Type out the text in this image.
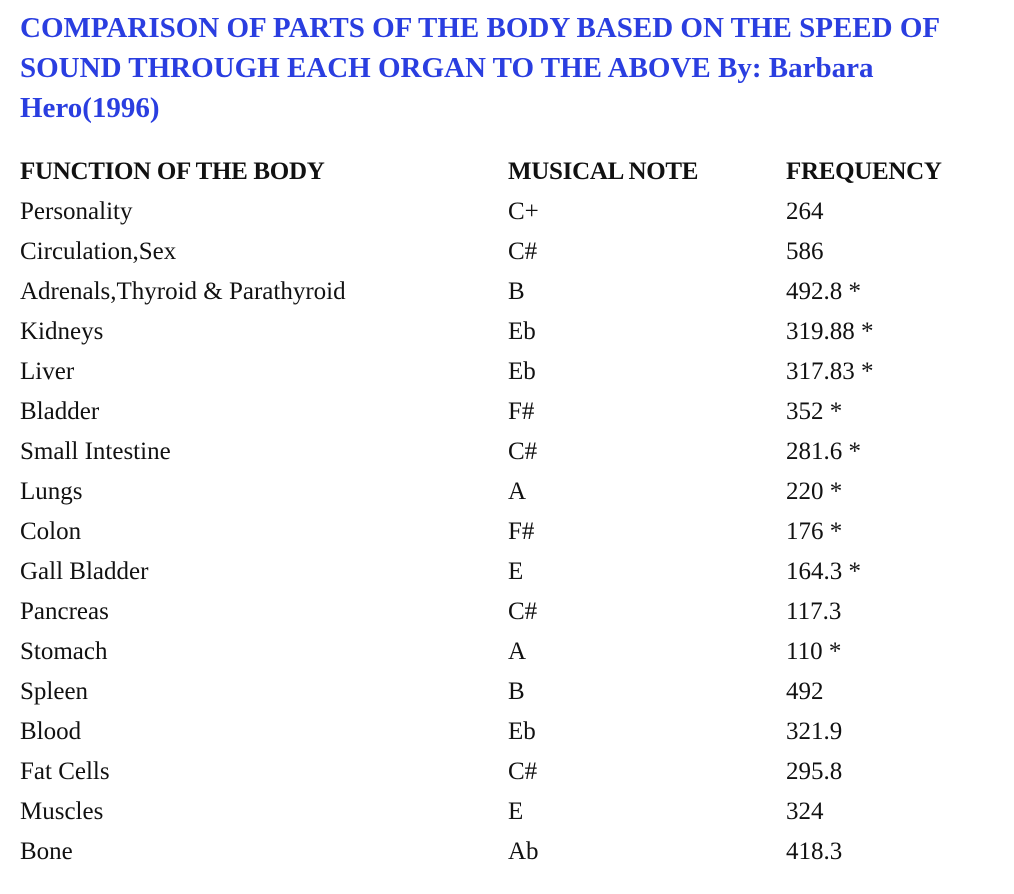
COMPARISON OF PARTS OF THE BODY BASED ON THE SPEED OF SOUND THROUGH EACH ORGAN TO THE ABOVE By: Barbara Hero(1996)
FUNCTION OF THE BODY	MUSICAL NOTE	FREQUENCY
Personality	C+	264
Circulation,Sex	C#	586
Adrenals,Thyroid & Parathyroid	B	492.8 *
Kidneys	Eb	319.88 *
Liver	Eb	317.83 *
Bladder	F#	352 *
Small Intestine	C#	281.6 *
Lungs	A	220 *
Colon	F#	176 *
Gall Bladder	E	164.3 *
Pancreas	C#	117.3
Stomach	A	110 *
Spleen	B	492
Blood	Eb	321.9
Fat Cells	C#	295.8
Muscles	E	324
Bone	Ab	418.3
